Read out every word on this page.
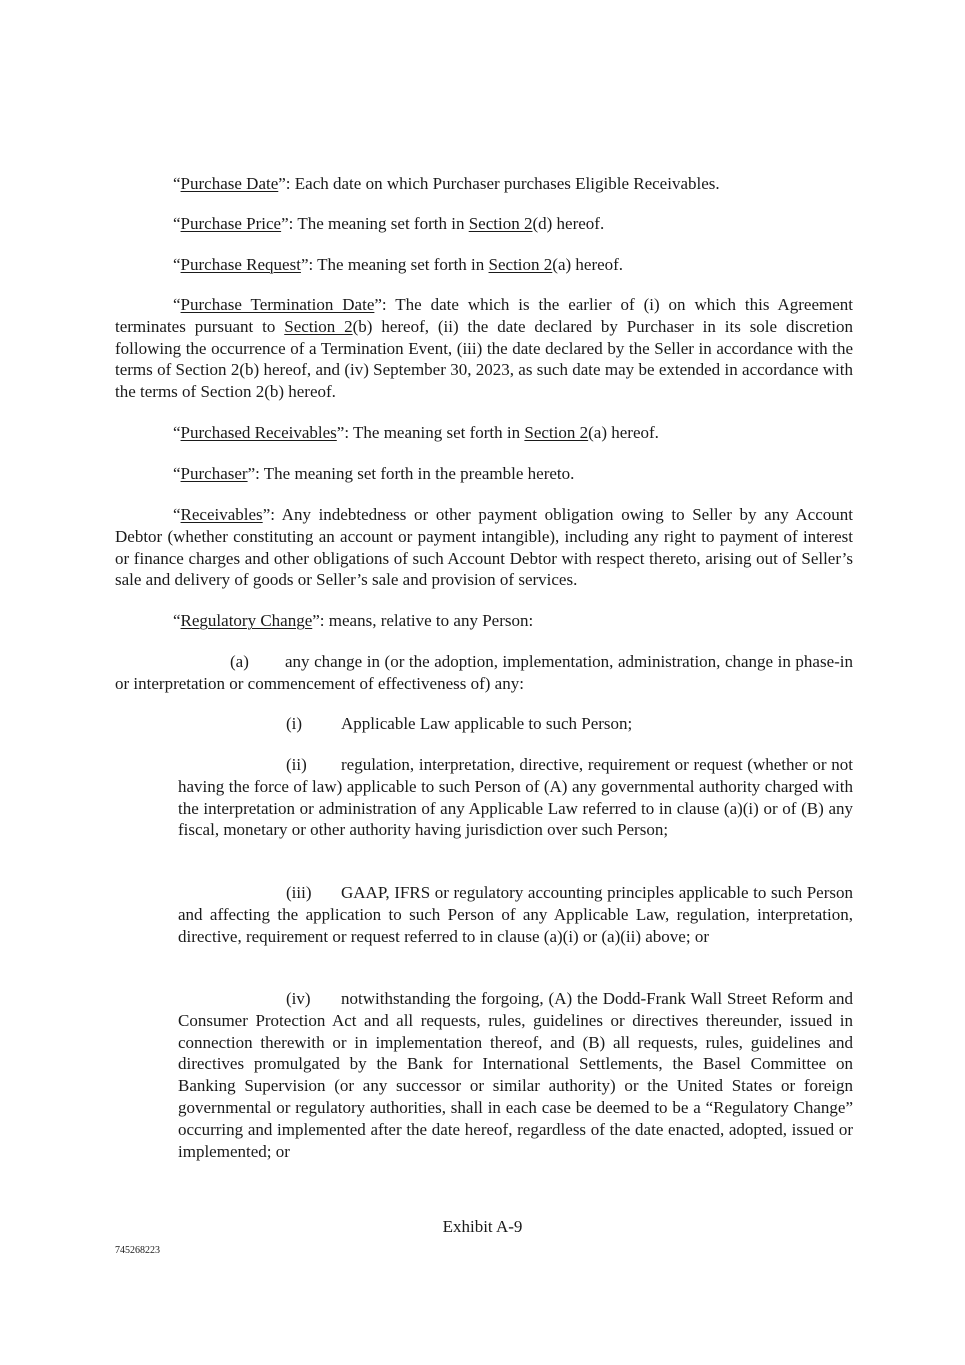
“Purchase Date”: Each date on which Purchaser purchases Eligible Receivables.

“Purchase Price”: The meaning set forth in Section 2(d) hereof.

“Purchase Request”: The meaning set forth in Section 2(a) hereof.

“Purchase Termination Date”: The date which is the earlier of (i) on which this Agreement terminates pursuant to Section 2(b) hereof, (ii) the date declared by Purchaser in its sole discretion following the occurrence of a Termination Event, (iii) the date declared by the Seller in accordance with the terms of Section 2(b) hereof, and (iv) September 30, 2023, as such date may be extended in accordance with the terms of Section 2(b) hereof.

“Purchased Receivables”: The meaning set forth in Section 2(a) hereof.

“Purchaser”: The meaning set forth in the preamble hereto.

“Receivables”: Any indebtedness or other payment obligation owing to Seller by any Account Debtor (whether constituting an account or payment intangible), including any right to payment of interest or finance charges and other obligations of such Account Debtor with respect thereto, arising out of Seller’s sale and delivery of goods or Seller’s sale and provision of services.

“Regulatory Change”: means, relative to any Person:

(a) any change in (or the adoption, implementation, administration, change in phase-in or interpretation or commencement of effectiveness of) any:

(i) Applicable Law applicable to such Person;

(ii) regulation, interpretation, directive, requirement or request (whether or not having the force of law) applicable to such Person of (A) any governmental authority charged with the interpretation or administration of any Applicable Law referred to in clause (a)(i) or of (B) any fiscal, monetary or other authority having jurisdiction over such Person;

(iii) GAAP, IFRS or regulatory accounting principles applicable to such Person and affecting the application to such Person of any Applicable Law, regulation, interpretation, directive, requirement or request referred to in clause (a)(i) or (a)(ii) above; or

(iv) notwithstanding the forgoing, (A) the Dodd-Frank Wall Street Reform and Consumer Protection Act and all requests, rules, guidelines or directives thereunder, issued in connection therewith or in implementation thereof, and (B) all requests, rules, guidelines and directives promulgated by the Bank for International Settlements, the Basel Committee on Banking Supervision (or any successor or similar authority) or the United States or foreign governmental or regulatory authorities, shall in each case be deemed to be a “Regulatory Change” occurring and implemented after the date hereof, regardless of the date enacted, adopted, issued or implemented; or

Exhibit A-9
745268223
